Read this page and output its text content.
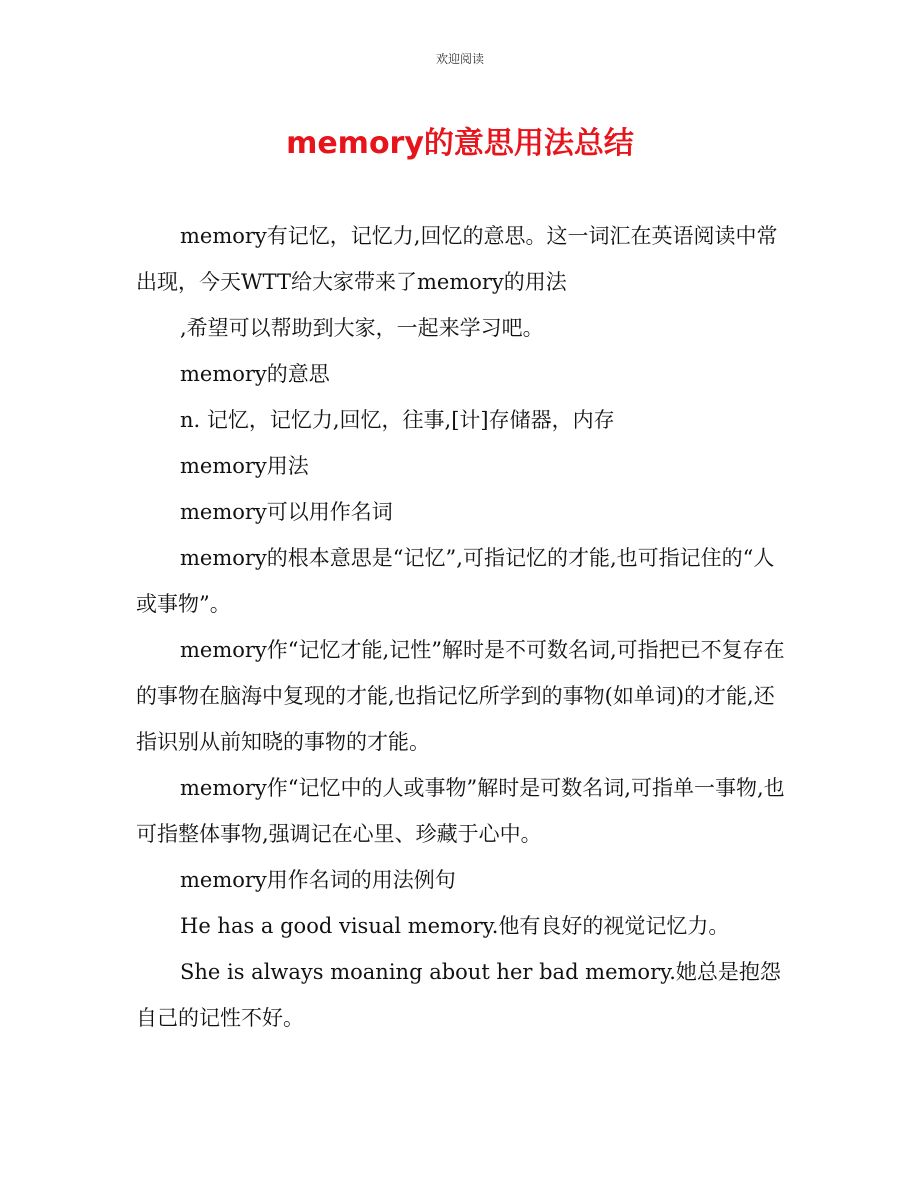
欢迎阅读
memory的意思用法总结

memory有记忆，记忆力,回忆的意思。这一词汇在英语阅读中常出现，今天WTT给大家带来了memory的用法

,希望可以帮助到大家，一起来学习吧。

memory的意思

n. 记忆，记忆力,回忆，往事,[计]存储器，内存

memory用法

memory可以用作名词

memory的根本意思是“记忆”,可指记忆的才能,也可指记住的“人或事物”。

memory作“记忆才能,记性”解时是不可数名词,可指把已不复存在的事物在脑海中复现的才能,也指记忆所学到的事物(如单词)的才能,还指识别从前知晓的事物的才能。

memory作“记忆中的人或事物”解时是可数名词,可指单一事物,也可指整体事物,强调记在心里、珍藏于心中。

memory用作名词的用法例句

He has a good visual memory.他有良好的视觉记忆力。

She is always moaning about her bad memory.她总是抱怨自己的记性不好。
